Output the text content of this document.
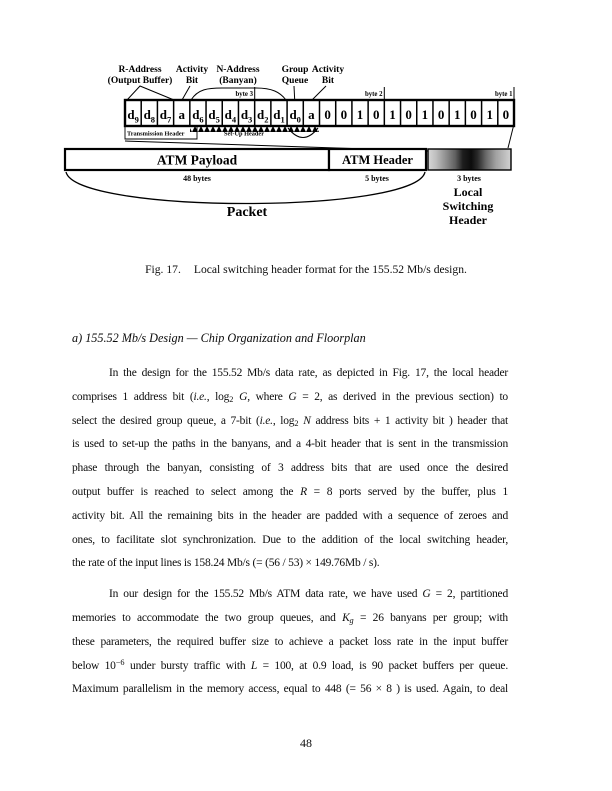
R-Address
(Output Buffer)
Activity
Bit
N-Address
(Banyan)
Group
Queue
Activity
Bit
byte 3	byte 2	byte 1
$d_9$ $d_8$ $d_7$ a $d_6$ $d_5$ $d_4$ $d_3$ $d_2$ $d_1$ $d_0$ a 0 0 1 0 1 0 1 0 1 0 1 0
Transmission Header	Set-Up Header
ATM Payload	ATM Header
48 bytes	5 bytes	3 bytes
Packet
Local
Switching
Header
Fig. 17. Local switching header format for the 155.52 Mb/s design.
a) 155.52 Mb/s Design — Chip Organization and Floorplan
In the design for the 155.52 Mb/s data rate, as depicted in Fig. 17, the local header
comprises 1 address bit (i.e., $\log_2 G$, where G = 2, as derived in the previous section) to
select the desired group queue, a 7-bit (i.e., $\log_2 N$ address bits + 1 activity bit ) header that
is used to set-up the paths in the banyans, and a 4-bit header that is sent in the transmission
phase through the banyan, consisting of 3 address bits that are used once the desired
output buffer is reached to select among the R = 8 ports served by the buffer, plus 1
activity bit. All the remaining bits in the header are padded with a sequence of zeroes and
ones, to facilitate slot synchronization. Due to the addition of the local switching header,
the rate of the input lines is 158.24 Mb/s (= (56 / 53) × 149.76Mb / s).
In our design for the 155.52 Mb/s ATM data rate, we have used G = 2, partitioned
memories to accommodate the two group queues, and $K_g = 26$ banyans per group; with
these parameters, the required buffer size to achieve a packet loss rate in the input buffer
below $10^{-6}$ under bursty traffic with L = 100, at 0.9 load, is 90 packet buffers per queue.
Maximum parallelism in the memory access, equal to 448 (= 56 × 8 ) is used. Again, to deal
48
